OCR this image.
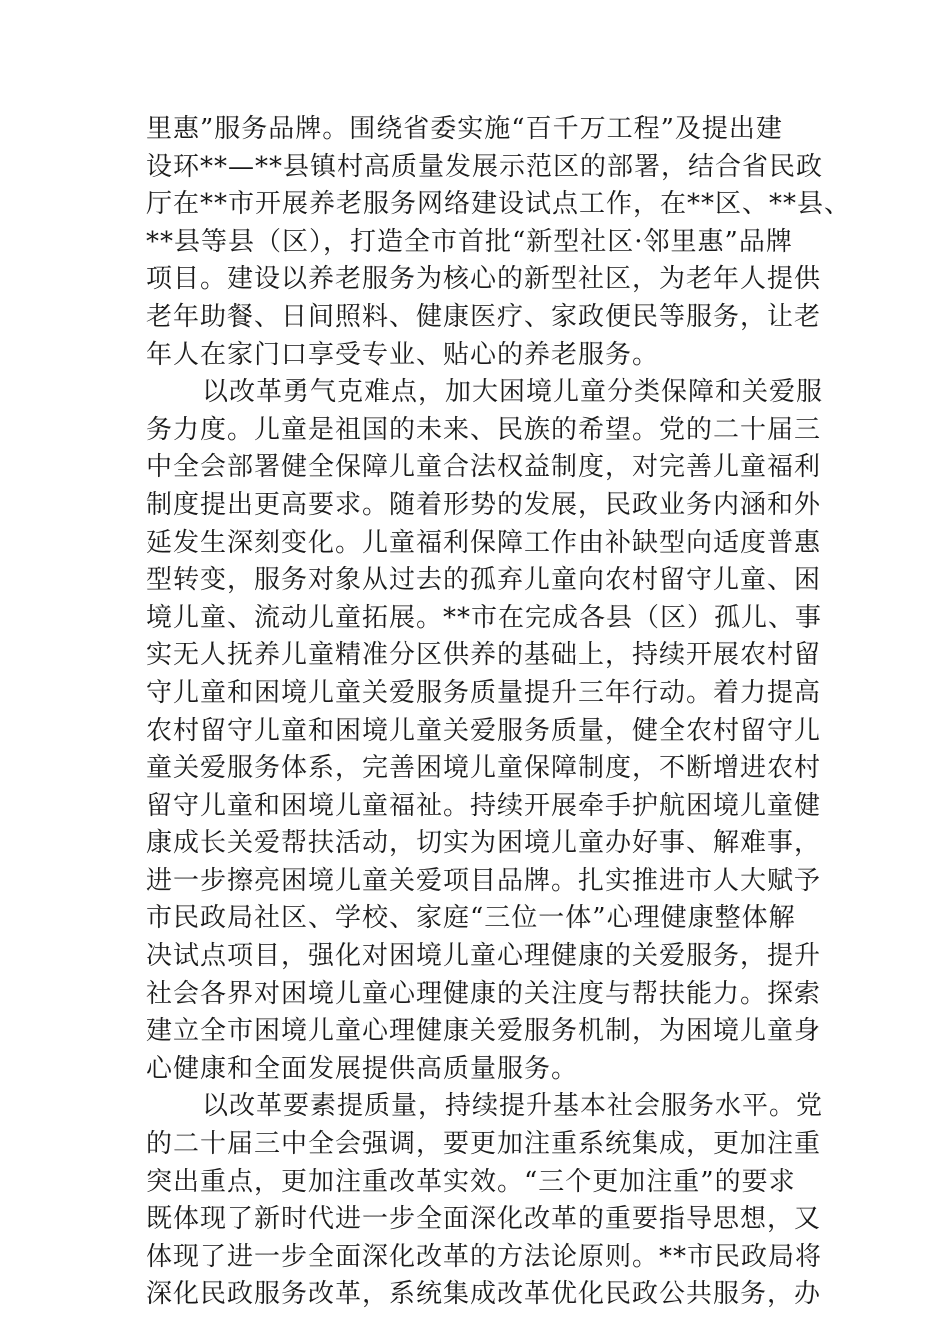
里惠”服务品牌。围绕省委实施“百千万工程”及提出建
设环**—**县镇村高质量发展示范区的部署，结合省民政
厅在**市开展养老服务网络建设试点工作，在**区、**县、
**县等县（区），打造全市首批“新型社区·邻里惠”品牌
项目。建设以养老服务为核心的新型社区，为老年人提供
老年助餐、日间照料、健康医疗、家政便民等服务，让老
年人在家门口享受专业、贴心的养老服务。
以改革勇气克难点，加大困境儿童分类保障和关爱服
务力度。儿童是祖国的未来、民族的希望。党的二十届三
中全会部署健全保障儿童合法权益制度，对完善儿童福利
制度提出更高要求。随着形势的发展，民政业务内涵和外
延发生深刻变化。儿童福利保障工作由补缺型向适度普惠
型转变，服务对象从过去的孤弃儿童向农村留守儿童、困
境儿童、流动儿童拓展。**市在完成各县（区）孤儿、事
实无人抚养儿童精准分区供养的基础上，持续开展农村留
守儿童和困境儿童关爱服务质量提升三年行动。着力提高
农村留守儿童和困境儿童关爱服务质量，健全农村留守儿
童关爱服务体系，完善困境儿童保障制度，不断增进农村
留守儿童和困境儿童福祉。持续开展牵手护航困境儿童健
康成长关爱帮扶活动，切实为困境儿童办好事、解难事，
进一步擦亮困境儿童关爱项目品牌。扎实推进市人大赋予
市民政局社区、学校、家庭“三位一体”心理健康整体解
决试点项目，强化对困境儿童心理健康的关爱服务，提升
社会各界对困境儿童心理健康的关注度与帮扶能力。探索
建立全市困境儿童心理健康关爱服务机制，为困境儿童身
心健康和全面发展提供高质量服务。
以改革要素提质量，持续提升基本社会服务水平。党
的二十届三中全会强调，要更加注重系统集成，更加注重
突出重点，更加注重改革实效。“三个更加注重”的要求
既体现了新时代进一步全面深化改革的重要指导思想，又
体现了进一步全面深化改革的方法论原则。**市民政局将
深化民政服务改革，系统集成改革优化民政公共服务，办
